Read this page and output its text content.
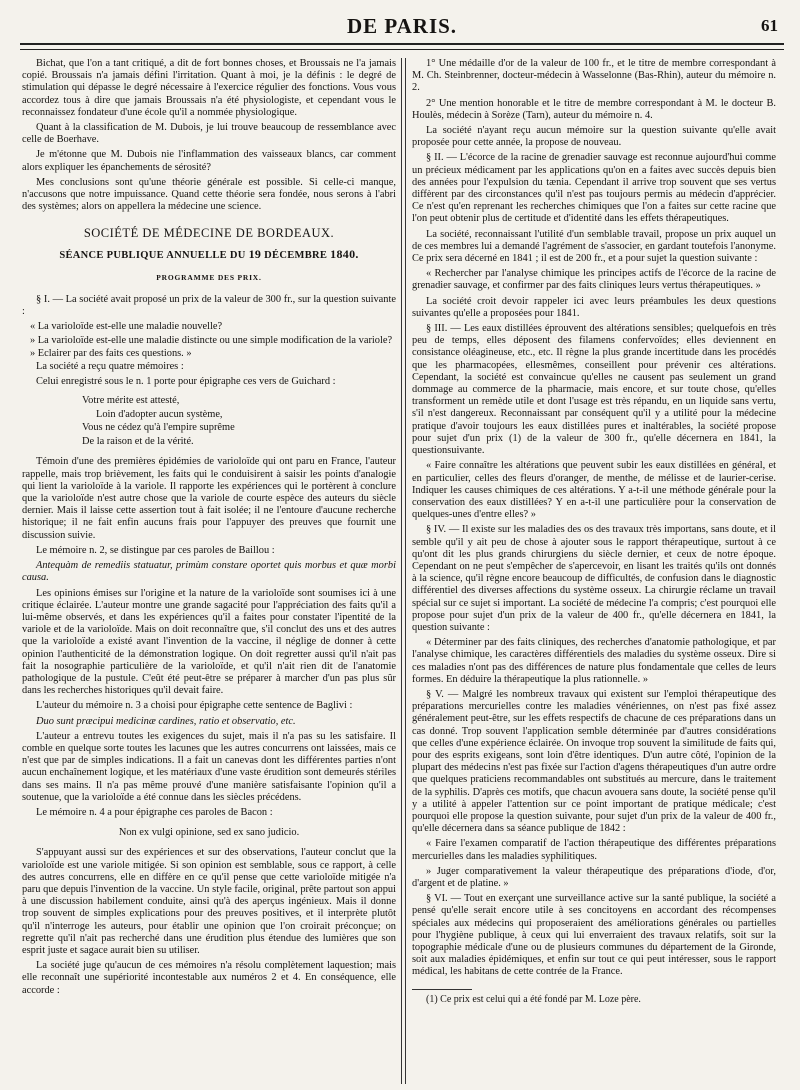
DE PARIS.	61

Bichat, que l'on a tant critiqué, a dit de fort bonnes choses, et Broussais ne l'a jamais copié. Broussais n'a jamais défini l'irritation. Quant à moi, je la définis : le degré de stimulation qui dépasse le degré nécessaire à l'exercice régulier des fonctions. Vous vous accordez tous à dire que jamais Broussais n'a été physiologiste, et cependant vous le reconnaissez fondateur d'une école qu'il a nommée physiologique.

Quant à la classification de M. Dubois, je lui trouve beaucoup de ressemblance avec celle de Boerhave.

Je m'étonne que M. Dubois nie l'inflammation des vaisseaux blancs, car comment alors expliquer les épanchements de sérosité?

Mes conclusions sont qu'une théorie générale est possible. Si celle-ci manque, n'accusons que notre impuissance. Quand cette théorie sera fondée, nous serons à l'abri des systèmes; alors on appellera la médecine une science.

SOCIÉTÉ DE MÉDECINE DE BORDEAUX.
SÉANCE PUBLIQUE ANNUELLE DU 19 DÉCEMBRE 1840.
PROGRAMME DES PRIX.

§ I. — La société avait proposé un prix de la valeur de 300 fr., sur la question suivante :

« La varioloïde est-elle une maladie nouvelle?

» La varioloïde est-elle une maladie distincte ou une simple modification de la variole?

» Eclairer par des faits ces questions. »

La société a reçu quatre mémoires :

Celui enregistré sous le n. 1 porte pour épigraphe ces vers de Guichard :

Votre mérite est attesté,
Loin d'adopter aucun système,
Vous ne cédez qu'à l'empire suprême
De la raison et de la vérité.

Témoin d'une des premières épidémies de varioloïde qui ont paru en France, l'auteur rappelle, mais trop brièvement, les faits qui le conduisirent à saisir les points d'analogie qui lient la varioloïde à la variole. Il rapporte les expériences qui le portèrent à conclure que la varioloïde n'est autre chose que la variole de courte espèce des auteurs du siècle dernier. Mais il laisse cette assertion tout à fait isolée; il ne l'entoure d'aucune recherche historique; il ne fait enfin aucuns frais pour l'appuyer des preuves que fournit une discussion suivie.

Le mémoire n. 2, se distingue par ces paroles de Baillou :

Antequàm de remediis statuatur, primùm constare oportet quis morbus et quæ morbi causa.

Les opinions émises sur l'origine et la nature de la varioloïde sont soumises ici à une critique éclairée. L'auteur montre une grande sagacité pour l'appréciation des faits qu'il a lui-même observés, et dans les expériences qu'il a faites pour constater l'ipentité de la variole et de la varioloïde. Mais on doit reconnaître que, s'il conclut des uns et des autres que la varioloïde a existé avant l'invention de la vaccine, il néglige de donner à cette opinion l'authenticité de la démonstration logique. On doit regretter aussi qu'il n'ait pas fait la nosographie particulière de la varioloïde, et qu'il n'ait rien dit de l'anatomie pathologique de la pustule. C'eût été peut-être se préparer à marcher d'un pas plus sûr dans les recherches historiques qu'il devait faire.

L'auteur du mémoire n. 3 a choisi pour épigraphe cette sentence de Baglivi :

Duo sunt præcipui medicinæ cardines, ratio et observatio, etc.

L'auteur a entrevu toutes les exigences du sujet, mais il n'a pas su les satisfaire. Il comble en quelque sorte toutes les lacunes que les autres concurrens ont laissées, mais ce n'est que par de simples indications. Il a fait un canevas dont les différentes parties n'ont aucun enchaînement logique, et les matériaux d'une vaste érudition sont demeurés stériles dans ses mains. Il n'a pas même prouvé d'une manière satisfaisante l'opinion qu'il a soutenue, que la varioloïde a été connue dans les siècles précédens.

Le mémoire n. 4 a pour épigraphe ces paroles de Bacon :

Non ex vulgi opinione, sed ex sano judicio.

S'appuyant aussi sur des expériences et sur des observations, l'auteur conclut que la varioloïde est une variole mitigée. Si son opinion est semblable, sous ce rapport, à celle des autres concurrens, elle en diffère en ce qu'il pense que cette varioloïde mitigée n'a paru que depuis l'invention de la vaccine. Un style facile, original, prête partout son appui à une discussion habilement conduite, ainsi qu'à des aperçus ingénieux. Mais il donne trop souvent de simples explications pour des preuves positives, et il interprète plutôt qu'il n'interroge les auteurs, pour établir une opinion que l'on croirait préconçue; on regrette qu'il n'ait pas recherché dans une érudition plus étendue des lumières que son esprit juste et sagace aurait bien su utiliser.

La société juge qu'aucun de ces mémoires n'a résolu complètement laquestion; mais elle reconnaît une supériorité incontestable aux numéros 2 et 4. En conséquence, elle accorde :

1° Une médaille d'or de la valeur de 100 fr., et le titre de membre correspondant à M. Ch. Steinbrenner, docteur-médecin à Wasselonne (Bas-Rhin), auteur du mémoire n. 2.

2° Une mention honorable et le titre de membre correspondant à M. le docteur B. Houlès, médecin à Sorèze (Tarn), auteur du mémoire n. 4.

La société n'ayant reçu aucun mémoire sur la question suivante qu'elle avait proposée pour cette année, la propose de nouveau.

§ II. — L'écorce de la racine de grenadier sauvage est reconnue aujourd'hui comme un précieux médicament par les applications qu'on en a faites avec succès depuis bien des années pour l'expulsion du tænia. Cependant il arrive trop souvent que ses vertus diffèrent par des circonstances qu'il n'est pas toujours permis au médecin d'apprécier. Ce n'est qu'en reprenant les recherches chimiques que l'on a faites sur cette racine que l'on peut obtenir plus de certitude et d'identité dans les effets thérapeutiques.

La société, reconnaissant l'utilité d'un semblable travail, propose un prix auquel un de ces membres lui a demandé l'agrément de s'associer, en gardant toutefois l'anonyme. Ce prix sera décerné en 1841 ; il est de 200 fr., et a pour sujet la question suivante :

« Rechercher par l'analyse chimique les principes actifs de l'écorce de la racine de grenadier sauvage, et confirmer par des faits cliniques leurs vertus thérapeutiques. »

La société croit devoir rappeler ici avec leurs préambules les deux questions suivantes qu'elle a proposées pour 1841.

§ III. — Les eaux distillées éprouvent des altérations sensibles; quelquefois en très peu de temps, elles déposent des filamens confervoïdes; elles deviennent en consistance oléagineuse, etc., etc. Il règne la plus grande incertitude dans les procédés que les pharmacopées, ellesmêmes, conseillent pour prévenir ces altérations. Cependant, la société est convaincue qu'elles ne causent pas seulement un grand dommage au commerce de la pharmacie, mais encore, et sur toute chose, qu'elles transforment un remède utile et dont l'usage est très répandu, en un liquide sans vertu, s'il n'est dangereux. Reconnaissant par conséquent qu'il y a utilité pour la médecine pratique d'avoir toujours les eaux distillées pures et inaltérables, la société propose pour sujet d'un prix (1) de la valeur de 300 fr., qu'elle décernera en 1841, la questionsuivante.

« Faire connaître les altérations que peuvent subir les eaux distillées en général, et en particulier, celles des fleurs d'oranger, de menthe, de mélisse et de laurier-cerise. Indiquer les causes chimiques de ces altérations. Y a-t-il une méthode générale pour la conservation des eaux distillées? Y en a-t-il une particulière pour la conservation de quelques-unes d'entre elles? »

§ IV. — Il existe sur les maladies des os des travaux très importans, sans doute, et il semble qu'il y ait peu de chose à ajouter sous le rapport thérapeutique, surtout à ce qu'ont dit les plus grands chirurgiens du siècle dernier, et ceux de notre époque. Cependant on ne peut s'empêcher de s'apercevoir, en lisant les traités qu'ils ont donnés à la science, qu'il règne encore beaucoup de difficultés, de confusion dans le diagnostic différentiel des diverses affections du système osseux. La chirurgie réclame un travail spécial sur ce sujet si important. La société de médecine l'a compris; c'est pourquoi elle propose pour sujet d'un prix de la valeur de 400 fr., qu'elle décernera en 1841, la question suivante :

« Déterminer par des faits cliniques, des recherches d'anatomie pathologique, et par l'analyse chimique, les caractères différentiels des maladies du système osseux. Dire si ces maladies n'ont pas des différences de nature plus fondamentale que celles de leurs formes. En déduire la thérapeutique la plus rationnelle. »

§ V. — Malgré les nombreux travaux qui existent sur l'emploi thérapeutique des préparations mercurielles contre les maladies vénériennes, on n'est pas fixé assez généralement peut-être, sur les effets respectifs de chacune de ces préparations dans un cas donné. Trop souvent l'application semble déterminée par d'autres considérations que celles d'une expérience éclairée. On invoque trop souvent la similitude de faits qui, pour des esprits exigeans, sont loin d'être identiques. D'un autre côté, l'opinion de la plupart des médecins n'est pas fixée sur l'action d'agens thérapeutiques d'un autre ordre que quelques praticiens recommandables ont substitués au mercure, dans le traitement de la syphilis. D'après ces motifs, que chacun avouera sans doute, la société pense qu'il y a utilité à appeler l'attention sur ce point important de pratique médicale; c'est pourquoi elle propose la question suivante, pour sujet d'un prix de la valeur de 400 fr., qu'elle décernera dans sa séance publique de 1842 :

« Faire l'examen comparatif de l'action thérapeutique des différentes préparations mercurielles dans les maladies syphilitiques.

» Juger comparativement la valeur thérapeutique des préparations d'iode, d'or, d'argent et de platine. »

§ VI. — Tout en exerçant une surveillance active sur la santé publique, la société a pensé qu'elle serait encore utile à ses concitoyens en accordant des récompenses spéciales aux médecins qui proposeraient des améliorations générales ou partielles pour l'hygiène publique, à ceux qui lui enverraient des travaux relatifs, soit sur la topographie médicale d'une ou de plusieurs communes du département de la Gironde, soit aux maladies épidémiques, et enfin sur tout ce qui peut intéresser, sous le rapport médical, les habitans de cette contrée de la France.

(1) Ce prix est celui qui a été fondé par M. Loze père.
